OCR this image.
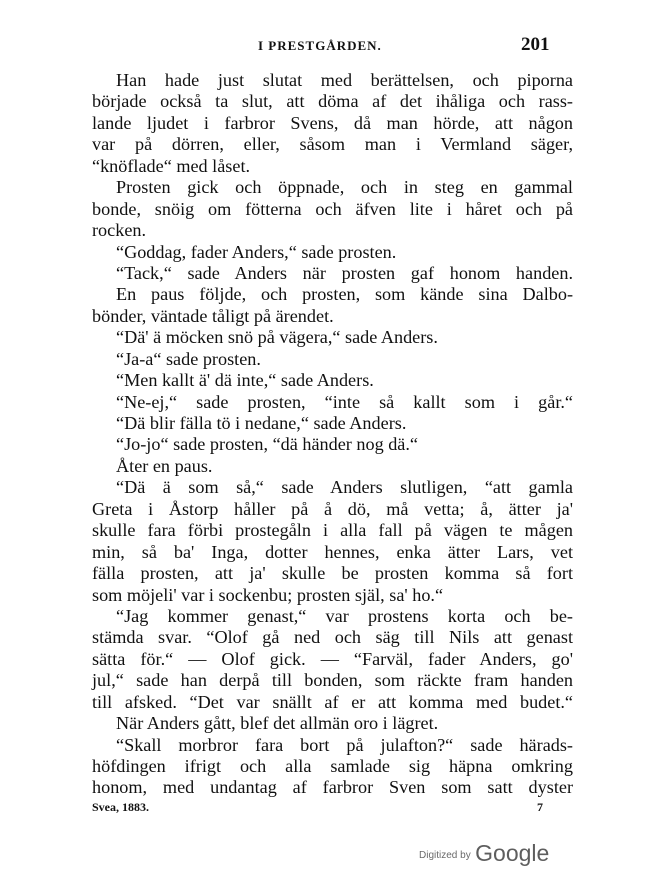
I PRESTGÅRDEN.	201
Han hade just slutat med berättelsen, och piporna
började också ta slut, att döma af det ihåliga och rass-
lande ljudet i farbror Svens, då man hörde, att någon
var på dörren, eller, såsom man i Vermland säger,
“knöflade“ med låset.
Prosten gick och öppnade, och in steg en gammal
bonde, snöig om fötterna och äfven lite i håret och på
rocken.
“Goddag, fader Anders,“ sade prosten.
“Tack,“ sade Anders när prosten gaf honom handen.
En paus följde, och prosten, som kände sina Dalbo-
bönder, väntade tåligt på ärendet.
“Dä' ä möcken snö på vägera,“ sade Anders.
“Ja-a“ sade prosten.
“Men kallt ä' dä inte,“ sade Anders.
“Ne-ej,“ sade prosten, “inte så kallt som i går.“
“Dä blir fälla tö i nedane,“ sade Anders.
“Jo-jo“ sade prosten, “dä händer nog dä.“
Åter en paus.
“Dä ä som så,“ sade Anders slutligen, “att gamla
Greta i Åstorp håller på å dö, må vetta; å, ätter ja'
skulle fara förbi prostegåln i alla fall på vägen te mågen
min, så ba' Inga, dotter hennes, enka ätter Lars, vet
fälla prosten, att ja' skulle be prosten komma så fort
som möjeli' var i sockenbu; prosten själ, sa' ho.“
“Jag kommer genast,“ var prostens korta och be-
stämda svar. “Olof gå ned och säg till Nils att genast
sätta för.“ — Olof gick. — “Farväl, fader Anders, go'
jul,“ sade han derpå till bonden, som räckte fram handen
till afsked. “Det var snällt af er att komma med budet.“
När Anders gått, blef det allmän oro i lägret.
“Skall morbror fara bort på julafton?“ sade härads-
höfdingen ifrigt och alla samlade sig häpna omkring
honom, med undantag af farbror Sven som satt dyster
Svea, 1883.	7
Digitized by Google
